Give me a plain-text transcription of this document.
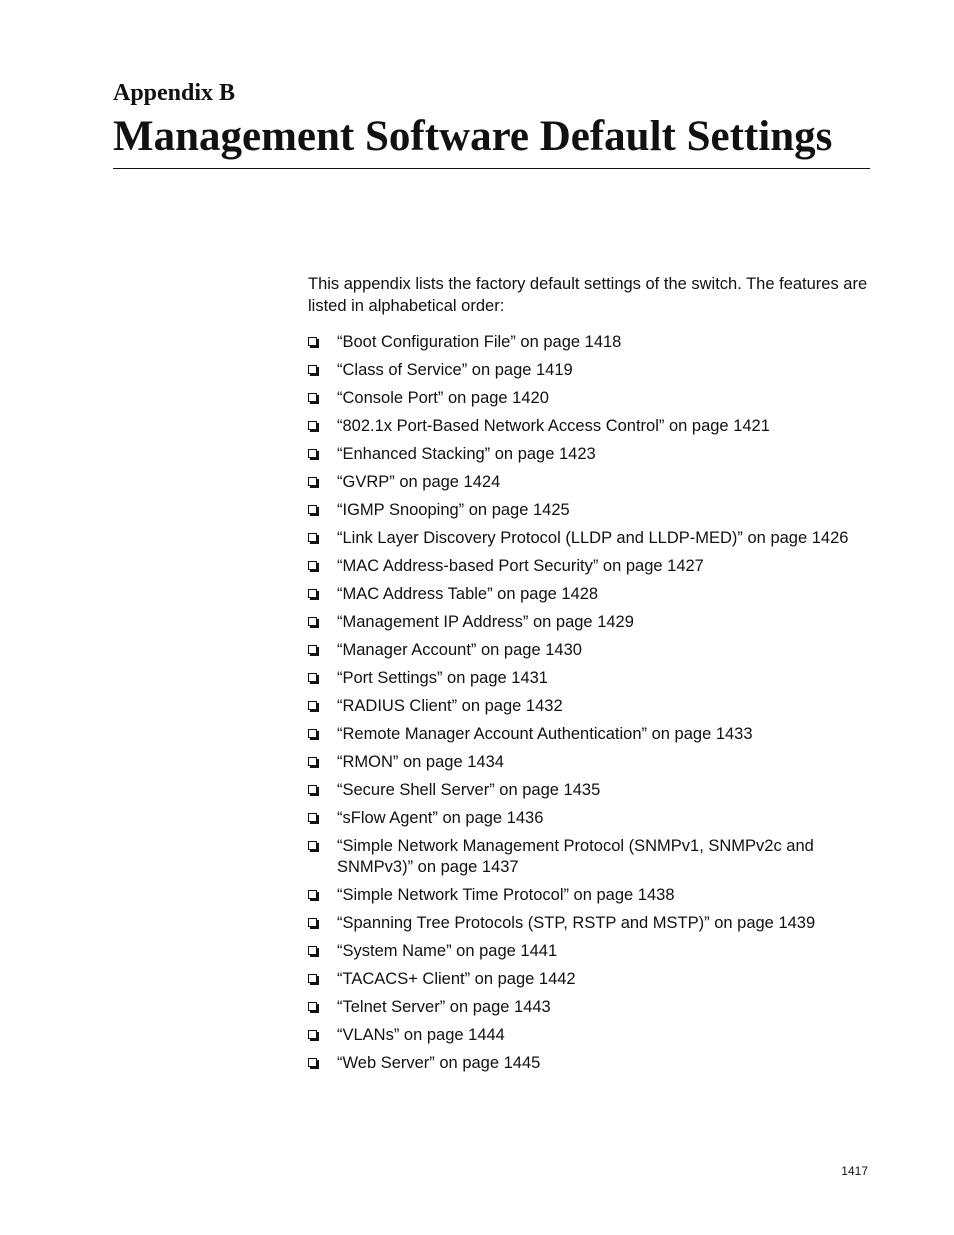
Appendix B
Management Software Default Settings

This appendix lists the factory default settings of the switch. The features are listed in alphabetical order:

“Boot Configuration File” on page 1418
“Class of Service” on page 1419
“Console Port” on page 1420
“802.1x Port-Based Network Access Control” on page 1421
“Enhanced Stacking” on page 1423
“GVRP” on page 1424
“IGMP Snooping” on page 1425
“Link Layer Discovery Protocol (LLDP and LLDP-MED)” on page 1426
“MAC Address-based Port Security” on page 1427
“MAC Address Table” on page 1428
“Management IP Address” on page 1429
“Manager Account” on page 1430
“Port Settings” on page 1431
“RADIUS Client” on page 1432
“Remote Manager Account Authentication” on page 1433
“RMON” on page 1434
“Secure Shell Server” on page 1435
“sFlow Agent” on page 1436
“Simple Network Management Protocol (SNMPv1, SNMPv2c and SNMPv3)” on page 1437
“Simple Network Time Protocol” on page 1438
“Spanning Tree Protocols (STP, RSTP and MSTP)” on page 1439
“System Name” on page 1441
“TACACS+ Client” on page 1442
“Telnet Server” on page 1443
“VLANs” on page 1444
“Web Server” on page 1445

1417
